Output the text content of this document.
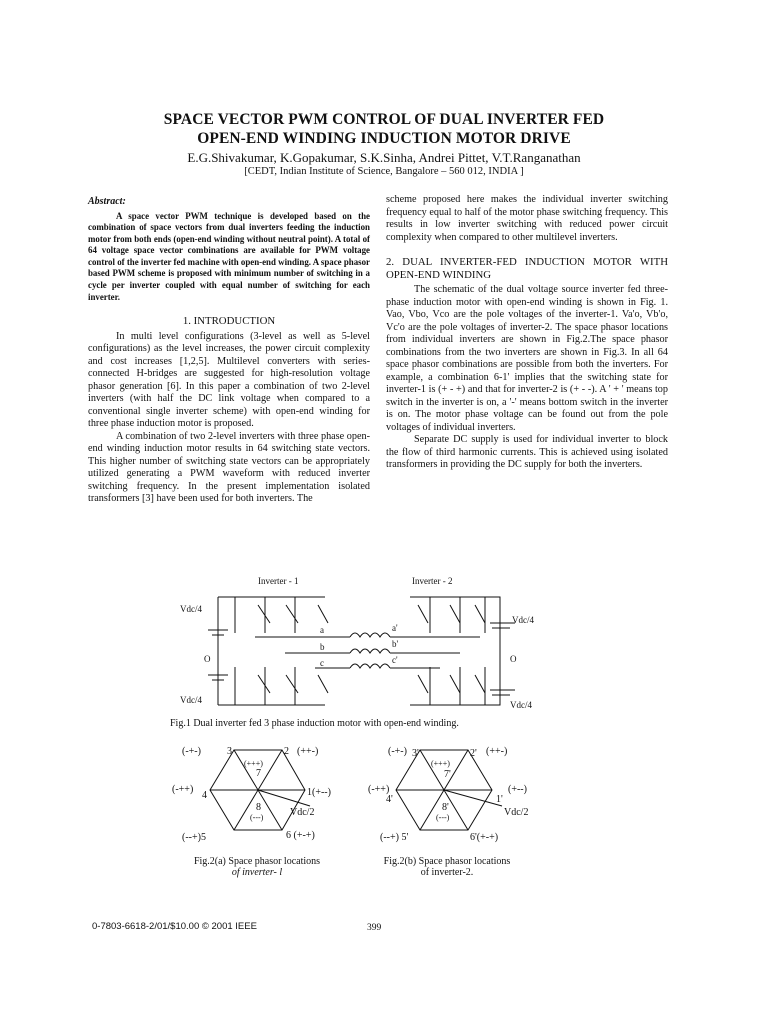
SPACE VECTOR PWM CONTROL OF DUAL INVERTER FED
OPEN-END WINDING INDUCTION MOTOR DRIVE
E.G.Shivakumar, K.Gopakumar, S.K.Sinha, Andrei Pittet, V.T.Ranganathan
[CEDT, Indian Institute of Science, Bangalore – 560 012, INDIA ]
Abstract:

A space vector PWM technique is developed based on the combination of space vectors from dual inverters feeding the induction motor from both ends (open-end winding without neutral point). A total of 64 voltage space vector combinations are available for PWM voltage control of the inverter fed machine with open-end winding. A space phasor based PWM scheme is proposed with minimum number of switching in a cycle per inverter coupled with equal number of switching for each inverter.

1. INTRODUCTION

In multi level configurations (3-level as well as 5-level configurations) as the level increases, the power circuit complexity and cost increases [1,2,5]. Multilevel converters with series-connected H-bridges are suggested for high-resolution voltage phasor generation [6]. In this paper a combination of two 2-level inverters (with half the DC link voltage when compared to a conventional single inverter scheme) with open-end winding for three phase induction motor is proposed.

A combination of two 2-level inverters with three phase open-end winding induction motor results in 64 switching state vectors. This higher number of switching state vectors can be appropriately utilized generating a PWM waveform with reduced inverter switching frequency. In the present implementation isolated transformers [3] have been used for both inverters. The

scheme proposed here makes the individual inverter switching frequency equal to half of the motor phase switching frequency. This results in low inverter switching with reduced power circuit complexity when compared to other multilevel inverters.

2. DUAL INVERTER-FED INDUCTION MOTOR WITH OPEN-END WINDING

The schematic of the dual voltage source inverter fed three-phase induction motor with open-end winding is shown in Fig. 1. Vao, Vbo, Vco are the pole voltages of the inverter-1. Va'o, Vb'o, Vc'o are the pole voltages of inverter-2. The space phasor locations from individual inverters are shown in Fig.2.The space phasor combinations from the two inverters are shown in Fig.3. In all 64 space phasor combinations are possible from both the inverters. For example, a combination 6-1' implies that the switching state for inverter-1 is (+ - +) and that for inverter-2 is (+ - -). A ' + ' means top switch in the inverter is on, a '-' means bottom switch in the inverter is on. The motor phase voltage can be found out from the pole voltages of individual inverters.

Separate DC supply is used for individual inverter to block the flow of third harmonic currents. This is achieved using isolated transformers in providing the DC supply for both the inverters.

Inverter - 1	Inverter - 2
Vdc/4
O
Vdc/4
Vdc/4
O
Vdc/4
a
b
c
a'
b'
c'
Fig.1 Dual inverter fed 3 phase induction motor with open-end winding.
(-+-)	3	2 (++-)
(-++)
4	1(+--)
(+++)
7
8
(---)	Vdc/2
(--+)5	6 (+-+)
Fig.2(a) Space phasor locations
of inverter- l
(-+-) 3'	2' (++-)
(-++)
4'	1'
(+--)
(+++)
7'
8'
(---)	Vdc/2
(--+) 5'	6'(+-+)
Fig.2(b) Space phasor locations
of inverter-2.
0-7803-6618-2/01/$10.00 © 2001 IEEE	399
